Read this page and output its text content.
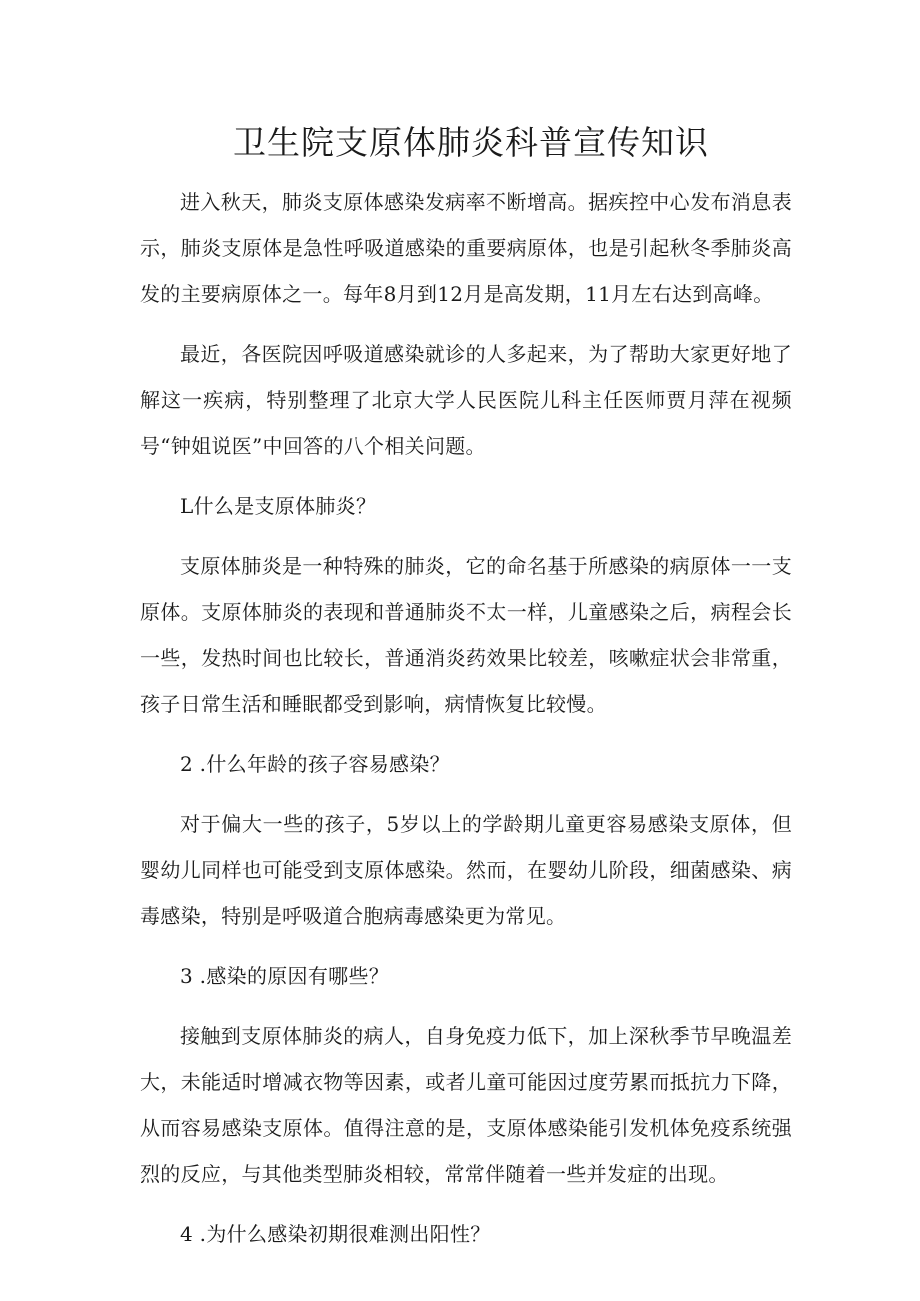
卫生院支原体肺炎科普宣传知识

进入秋天，肺炎支原体感染发病率不断增高。据疾控中心发布消息表示，肺炎支原体是急性呼吸道感染的重要病原体，也是引起秋冬季肺炎高发的主要病原体之一。每年8月到12月是高发期，11月左右达到高峰。

最近，各医院因呼吸道感染就诊的人多起来，为了帮助大家更好地了解这一疾病，特别整理了北京大学人民医院儿科主任医师贾月萍在视频号“钟姐说医”中回答的八个相关问题。

L什么是支原体肺炎？

支原体肺炎是一种特殊的肺炎，它的命名基于所感染的病原体一一支原体。支原体肺炎的表现和普通肺炎不太一样，儿童感染之后，病程会长一些，发热时间也比较长，普通消炎药效果比较差，咳嗽症状会非常重，孩子日常生活和睡眠都受到影响，病情恢复比较慢。

2 .什么年龄的孩子容易感染？

对于偏大一些的孩子，5岁以上的学龄期儿童更容易感染支原体，但婴幼儿同样也可能受到支原体感染。然而，在婴幼儿阶段，细菌感染、病毒感染，特别是呼吸道合胞病毒感染更为常见。

3 .感染的原因有哪些？

接触到支原体肺炎的病人，自身免疫力低下，加上深秋季节早晚温差大，未能适时增减衣物等因素，或者儿童可能因过度劳累而抵抗力下降，从而容易感染支原体。值得注意的是，支原体感染能引发机体免疫系统强烈的反应，与其他类型肺炎相较，常常伴随着一些并发症的出现。

4 .为什么感染初期很难测出阳性？
